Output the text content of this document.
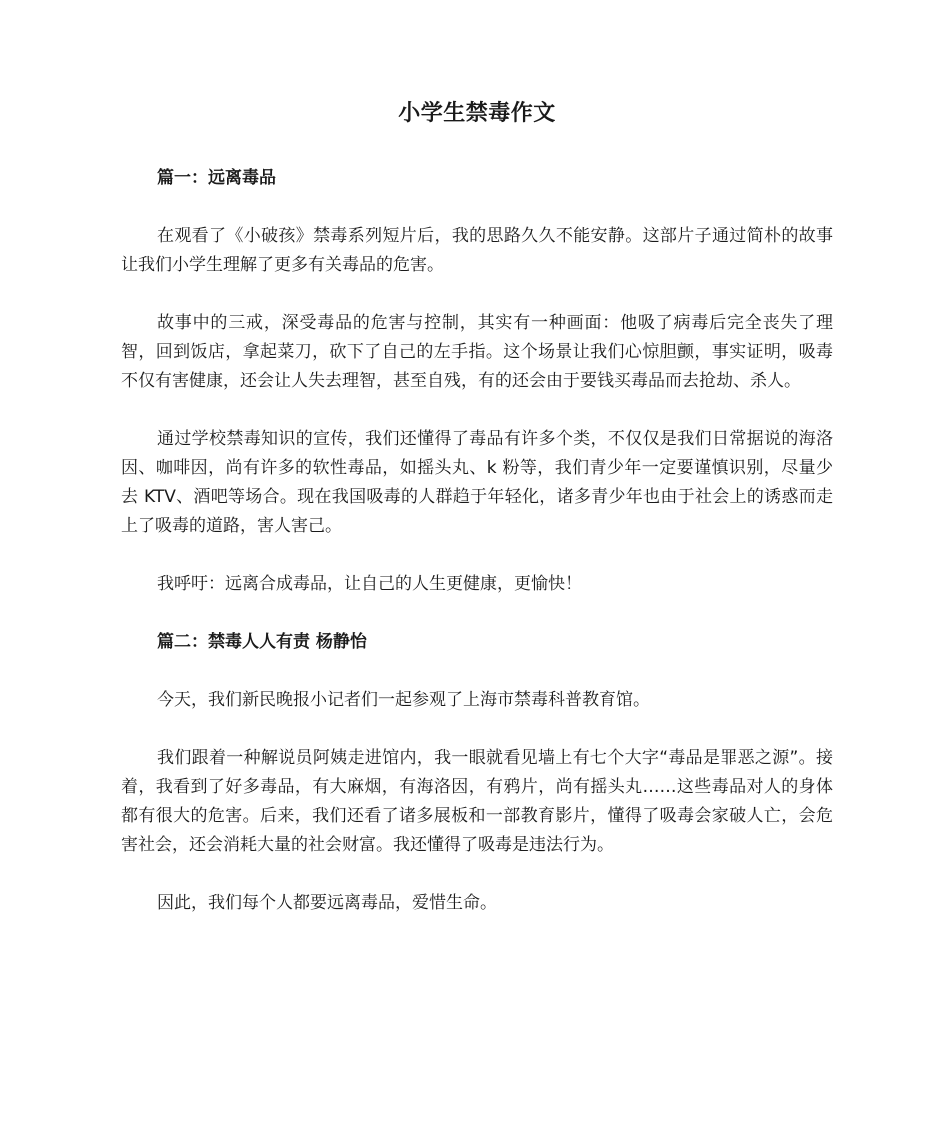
小学生禁毒作文
篇一：远离毒品

在观看了《小破孩》禁毒系列短片后，我的思路久久不能安静。这部片子通过简朴的故事让我们小学生理解了更多有关毒品的危害。

故事中的三戒，深受毒品的危害与控制，其实有一种画面：他吸了病毒后完全丧失了理智，回到饭店，拿起菜刀，砍下了自己的左手指。这个场景让我们心惊胆颤，事实证明，吸毒不仅有害健康，还会让人失去理智，甚至自残，有的还会由于要钱买毒品而去抢劫、杀人。

通过学校禁毒知识的宣传，我们还懂得了毒品有许多个类，不仅仅是我们日常据说的海洛因、咖啡因，尚有许多的软性毒品，如摇头丸、k 粉等，我们青少年一定要谨慎识别，尽量少去 KTV、酒吧等场合。现在我国吸毒的人群趋于年轻化，诸多青少年也由于社会上的诱惑而走上了吸毒的道路，害人害己。

我呼吁：远离合成毒品，让自己的人生更健康，更愉快！

篇二：禁毒人人有责 杨静怡

今天，我们新民晚报小记者们一起参观了上海市禁毒科普教育馆。

我们跟着一种解说员阿姨走进馆内，我一眼就看见墙上有七个大字“毒品是罪恶之源”。接着，我看到了好多毒品，有大麻烟，有海洛因，有鸦片，尚有摇头丸……这些毒品对人的身体都有很大的危害。后来，我们还看了诸多展板和一部教育影片，懂得了吸毒会家破人亡，会危害社会，还会消耗大量的社会财富。我还懂得了吸毒是违法行为。

因此，我们每个人都要远离毒品，爱惜生命。
